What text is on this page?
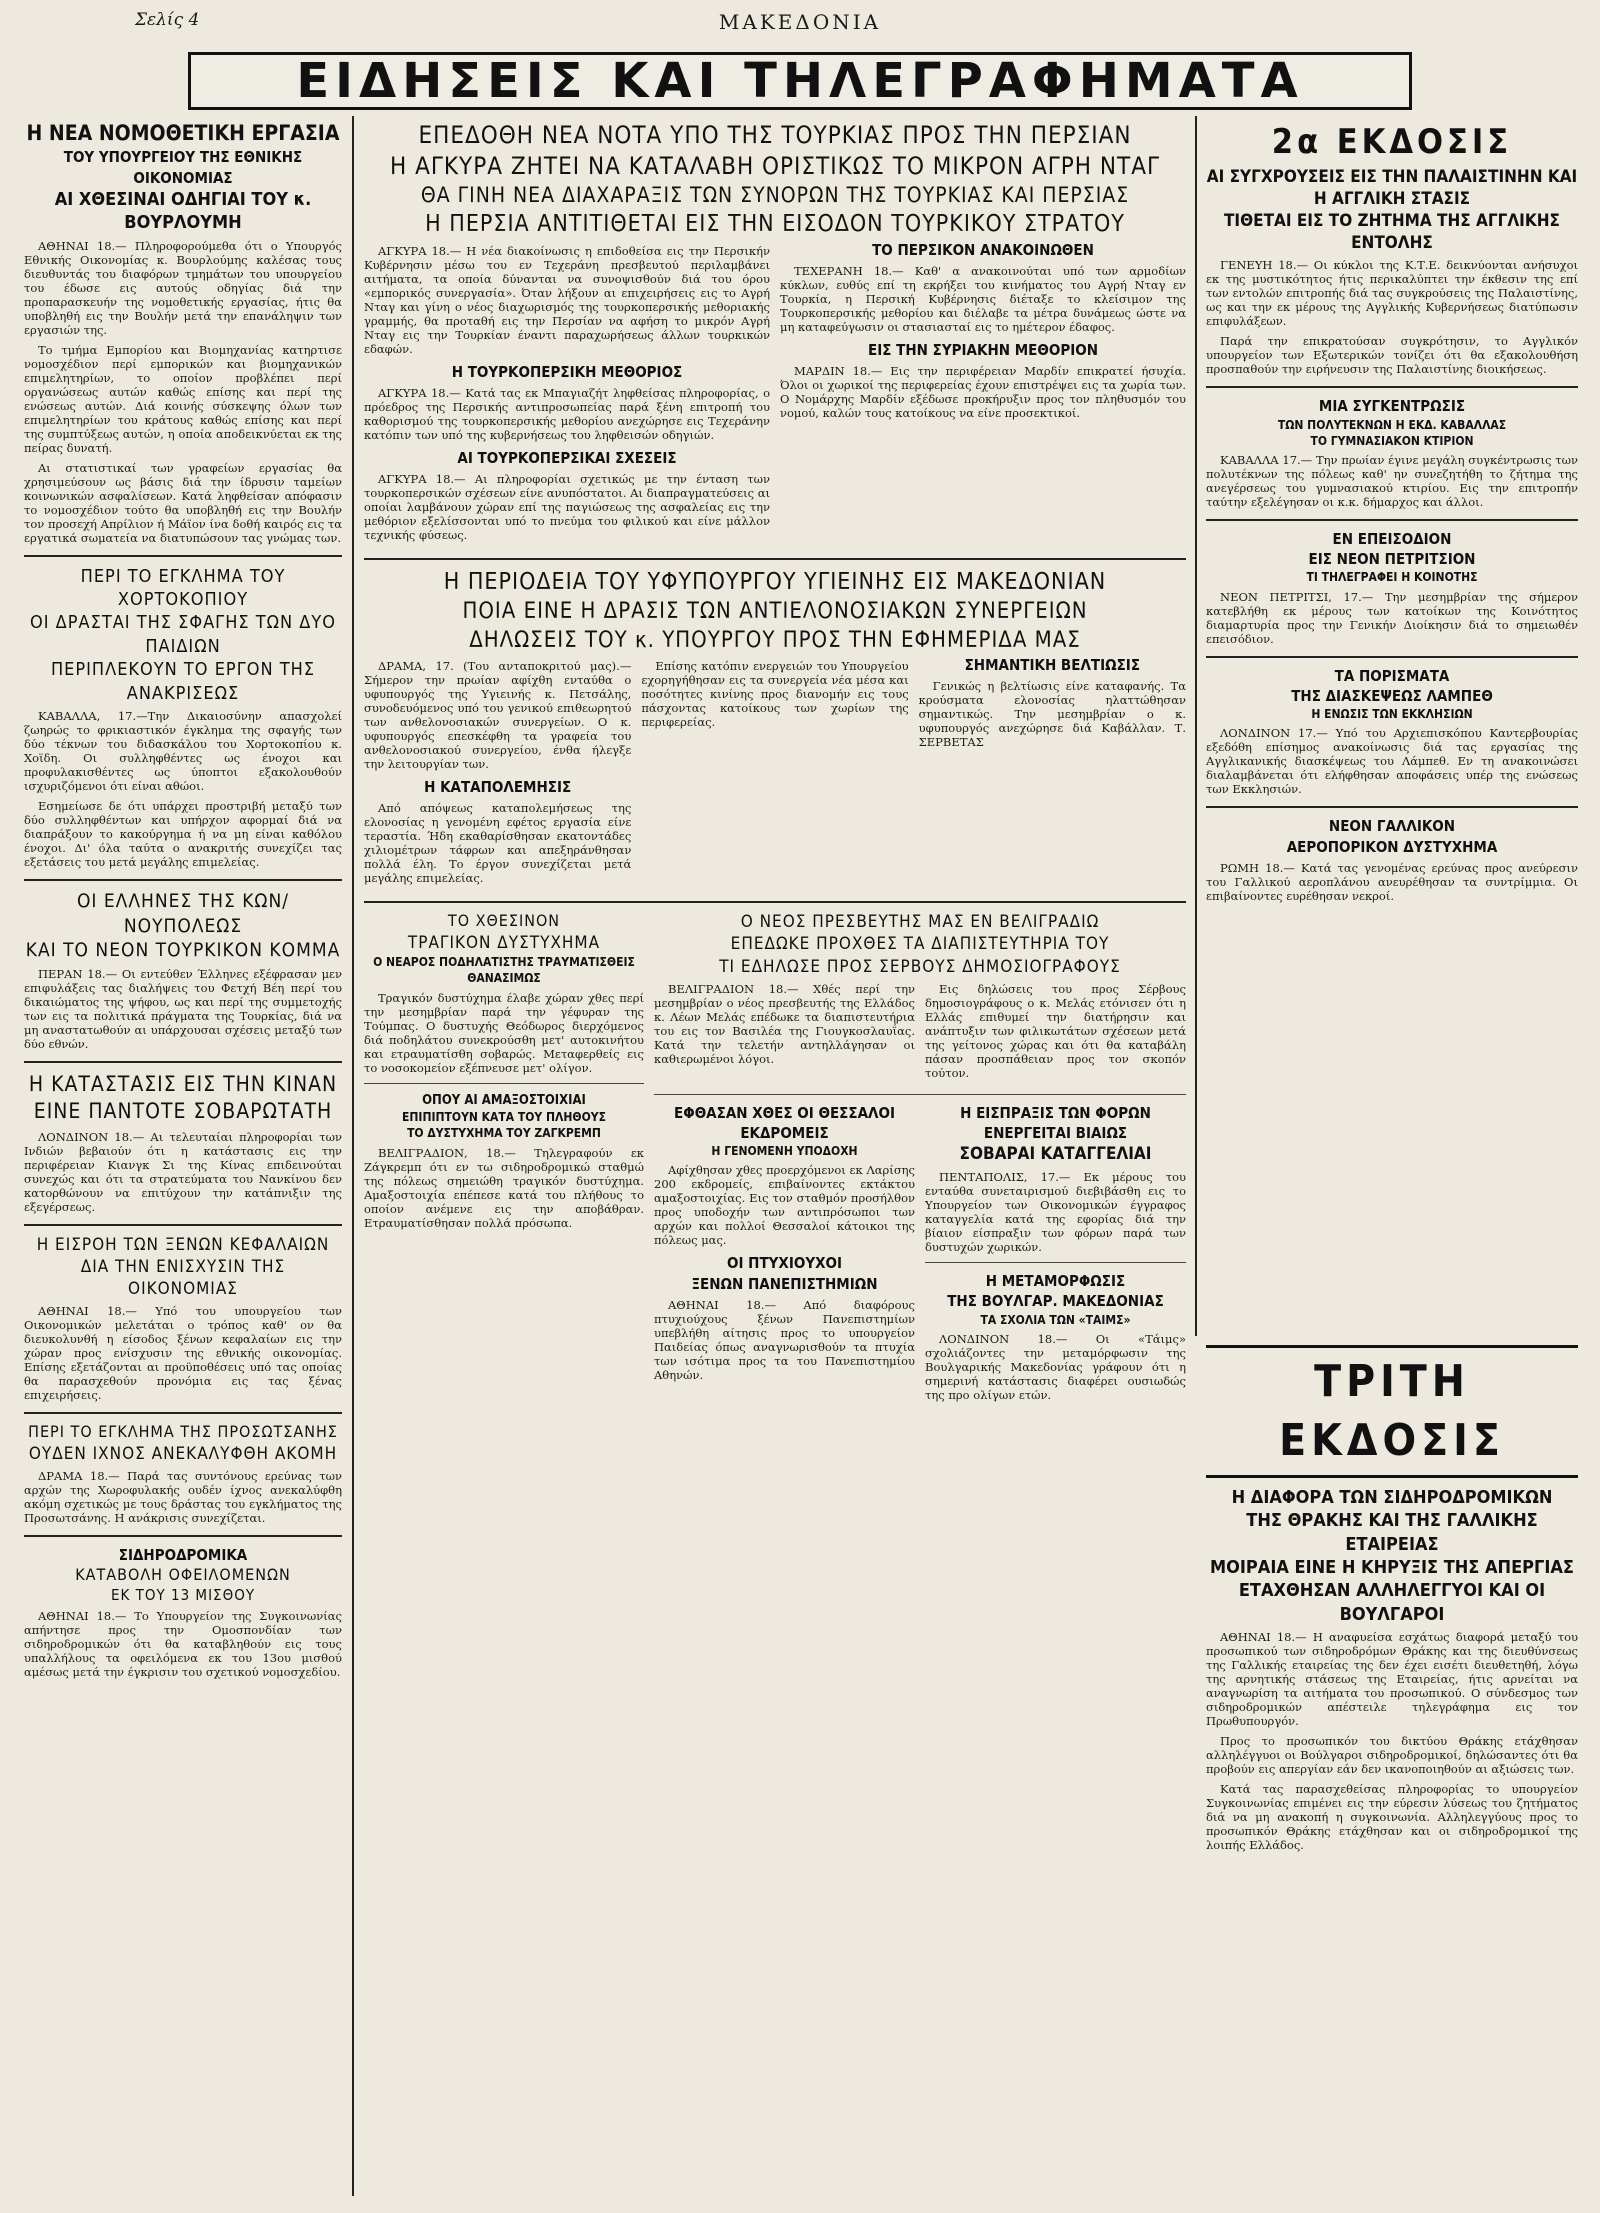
Σελίς 4	ΜΑΚΕΔΟΝΙΑ
ΕΙΔΗΣΕΙΣ ΚΑΙ ΤΗΛΕΓΡΑΦΗΜΑΤΑ
Η ΝΕΑ ΝΟΜΟΘΕΤΙΚΗ ΕΡΓΑΣΙΑ
ΤΟΥ ΥΠΟΥΡΓΕΙΟΥ ΤΗΣ ΕΘΝΙΚΗΣ ΟΙΚΟΝΟΜΙΑΣ
ΑΙ ΧΘΕΣΙΝΑΙ ΟΔΗΓΙΑΙ ΤΟΥ κ. ΒΟΥΡΛΟΥΜΗ

ΑΘΗΝΑΙ 18.— Πληροφορούμεθα ότι ο Υπουργός Εθνικής Οικονομίας κ. Βουρλούμης καλέσας τους διευθυντάς του διαφόρων τμημάτων του υπουργείου του έδωσε εις αυτούς οδηγίας διά την προπαρασκευήν της νομοθετικής εργασίας, ήτις θα υποβληθή εις την Βουλήν μετά την επανάληψιν των εργασιών της.

Το τμήμα Εμπορίου και Βιομηχανίας κατηρτισε νομοσχέδιον περί εμπορικών και βιομηχανικών επιμελητηρίων, το οποίον προβλέπει περί οργανώσεως αυτών καθώς επίσης και περί της ενώσεως αυτών. Διά κοινής σύσκεψης όλων των επιμελητηρίων του κράτους καθώς επίσης και περί της συμπτύξεως αυτών, η οποία αποδεικνύεται εκ της πείρας δυνατή.

Αι στατιστικαί των γραφείων εργασίας θα χρησιμεύσουν ως βάσις διά την ίδρυσιν ταμείων κοινωνικών ασφαλίσεων. Κατά ληφθείσαν απόφασιν το νομοσχέδιον τούτο θα υποβληθή εις την Βουλήν τον προσεχή Απρίλιον ή Μάϊον ίνα δοθή καιρός εις τα εργατικά σωματεία να διατυπώσουν τας γνώμας των.

ΠΕΡΙ ΤΟ ΕΓΚΛΗΜΑ ΤΟΥ ΧΟΡΤΟΚΟΠΙΟΥ
ΟΙ ΔΡΑΣΤΑΙ ΤΗΣ ΣΦΑΓΗΣ ΤΩΝ ΔΥΟ ΠΑΙΔΙΩΝ
ΠΕΡΙΠΛΕΚΟΥΝ ΤΟ ΕΡΓΟΝ ΤΗΣ ΑΝΑΚΡΙΣΕΩΣ

ΚΑΒΑΛΛΑ, 17.—Την Δικαιοσύνην απασχολεί ζωηρώς το φρικιαστικόν έγκλημα της σφαγής των δύο τέκνων του διδασκάλου του Χορτοκοπίου κ. Χοϊδη. Οι συλληφθέντες ως ένοχοι και προφυλακισθέντες ως ύποπτοι εξακολουθούν ισχυριζόμενοι ότι είναι αθώοι.

Εσημείωσε δε ότι υπάρχει προστριβή μεταξύ των δύο συλληφθέντων και υπήρχον αφορμαί διά να διαπράξουν το κακούργημα ή να μη είναι καθόλου ένοχοι. Δι' όλα ταύτα ο ανακριτής συνεχίζει τας εξετάσεις του μετά μεγάλης επιμελείας.

ΟΙ ΕΛΛΗΝΕΣ ΤΗΣ ΚΩΝ/ΝΟΥΠΟΛΕΩΣ
ΚΑΙ ΤΟ ΝΕΟΝ ΤΟΥΡΚΙΚΟΝ ΚΟΜΜΑ

ΠΕΡΑΝ 18.— Οι εντεύθεν Έλληνες εξέφρασαν μεν επιφυλάξεις τας διαλήψεις του Φετχή Βέη περί του δικαιώματος της ψήφου, ως και περί της συμμετοχής των εις τα πολιτικά πράγματα της Τουρκίας, διά να μη αναστατωθούν αι υπάρχουσαι σχέσεις μεταξύ των δύο εθνών.

Η ΚΑΤΑΣΤΑΣΙΣ ΕΙΣ ΤΗΝ ΚΙΝΑΝ
ΕΙΝΕ ΠΑΝΤΟΤΕ ΣΟΒΑΡΩΤΑΤΗ

ΛΟΝΔΙΝΟΝ 18.— Αι τελευταίαι πληροφορίαι των Ινδιών βεβαιούν ότι η κατάστασις εις την περιφέρειαν Κιανγκ Σι της Κίνας επιδεινούται συνεχώς και ότι τα στρατεύματα του Νανκίνου δεν κατορθώνουν να επιτύχουν την κατάπνιξιν της εξεγέρσεως.

Η ΕΙΣΡΟΗ ΤΩΝ ΞΕΝΩΝ ΚΕΦΑΛΑΙΩΝ
ΔΙΑ ΤΗΝ ΕΝΙΣΧΥΣΙΝ ΤΗΣ ΟΙΚΟΝΟΜΙΑΣ

ΑΘΗΝΑΙ 18.— Υπό του υπουργείου των Οικονομικών μελετάται ο τρόπος καθ' ον θα διευκολυνθή η είσοδος ξένων κεφαλαίων εις την χώραν προς ενίσχυσιν της εθνικής οικονομίας. Επίσης εξετάζονται αι προϋποθέσεις υπό τας οποίας θα παρασχεθούν προνόμια εις τας ξένας επιχειρήσεις.

ΠΕΡΙ ΤΟ ΕΓΚΛΗΜΑ ΤΗΣ ΠΡΟΣΩΤΣΑΝΗΣ
ΟΥΔΕΝ ΙΧΝΟΣ ΑΝΕΚΑΛΥΦΘΗ ΑΚΟΜΗ

ΔΡΑΜΑ 18.— Παρά τας συντόνους ερεύνας των αρχών της Χωροφυλακής ουδέν ίχνος ανεκαλύφθη ακόμη σχετικώς με τους δράστας του εγκλήματος της Προσωτσάνης. Η ανάκρισις συνεχίζεται.

ΣΙΔΗΡΟΔΡΟΜΙΚΑ
ΚΑΤΑΒΟΛΗ ΟΦΕΙΛΟΜΕΝΩΝ
ΕΚ ΤΟΥ 13 ΜΙΣΘΟΥ

ΑΘΗΝΑΙ 18.— Το Υπουργείον της Συγκοινωνίας απήντησε προς την Ομοσπονδίαν των σιδηροδρομικών ότι θα καταβληθούν εις τους υπαλλήλους τα οφειλόμενα εκ του 13ου μισθού αμέσως μετά την έγκρισιν του σχετικού νομοσχεδίου.

ΕΠΕΔΟΘΗ ΝΕΑ ΝΟΤΑ ΥΠΟ ΤΗΣ ΤΟΥΡΚΙΑΣ ΠΡΟΣ ΤΗΝ ΠΕΡΣΙΑΝ
Η ΑΓΚΥΡΑ ΖΗΤΕΙ ΝΑ ΚΑΤΑΛΑΒΗ ΟΡΙΣΤΙΚΩΣ ΤΟ ΜΙΚΡΟΝ ΑΓΡΗ ΝΤΑΓ
ΘΑ ΓΙΝΗ ΝΕΑ ΔΙΑΧΑΡΑΞΙΣ ΤΩΝ ΣΥΝΟΡΩΝ ΤΗΣ ΤΟΥΡΚΙΑΣ ΚΑΙ ΠΕΡΣΙΑΣ
Η ΠΕΡΣΙΑ ΑΝΤΙΤΙΘΕΤΑΙ ΕΙΣ ΤΗΝ ΕΙΣΟΔΟΝ ΤΟΥΡΚΙΚΟΥ ΣΤΡΑΤΟΥ

ΑΓΚΥΡΑ 18.— Η νέα διακοίνωσις η επιδοθείσα εις την Περσικήν Κυβέρνησιν μέσω του εν Τεχεράνη πρεσβευτού περιλαμβάνει αιτήματα, τα οποία δύνανται να συνοψισθούν διά του όρου «εμπορικός συνεργασία». Όταν λήξουν αι επιχειρήσεις εις το Αγρή Νταγ και γίνη ο νέος διαχωρισμός της τουρκοπερσικής μεθοριακής γραμμής, θα προταθή εις την Περσίαν να αφήση το μικρόν Αγρή Νταγ εις την Τουρκίαν έναντι παραχωρήσεως άλλων τουρκικών εδαφών.

Η ΤΟΥΡΚΟΠΕΡΣΙΚΗ ΜΕΘΟΡΙΟΣ

ΑΓΚΥΡΑ 18.— Κατά τας εκ Μπαγιαζήτ ληφθείσας πληροφορίας, ο πρόεδρος της Περσικής αντιπροσωπείας παρά ξένη επιτροπή του καθορισμού της τουρκοπερσικής μεθορίου ανεχώρησε εις Τεχεράνην κατόπιν των υπό της κυβερνήσεως του ληφθεισών οδηγιών.

ΑΙ ΤΟΥΡΚΟΠΕΡΣΙΚΑΙ ΣΧΕΣΕΙΣ

ΑΓΚΥΡΑ 18.— Αι πληροφορίαι σχετικώς με την ένταση των τουρκοπερσικών σχέσεων είνε ανυπόστατοι. Αι διαπραγματεύσεις αι οποίαι λαμβάνουν χώραν επί της παγιώσεως της ασφαλείας εις την μεθόριον εξελίσσονται υπό το πνεύμα του φιλικού και είνε μάλλον τεχνικής φύσεως.

ΤΟ ΠΕΡΣΙΚΟΝ ΑΝΑΚΟΙΝΩΘΕΝ

ΤΕΧΕΡΑΝΗ 18.— Καθ' α ανακοινούται υπό των αρμοδίων κύκλων, ευθύς επί τη εκρήξει του κινήματος του Αγρή Νταγ εν Τουρκία, η Περσική Κυβέρνησις διέταξε το κλείσιμον της Τουρκοπερσικής μεθορίου και διέλαβε τα μέτρα δυνάμεως ώστε να μη καταφεύγωσιν οι στασιασταί εις το ημέτερον έδαφος.

ΕΙΣ ΤΗΝ ΣΥΡΙΑΚΗΝ ΜΕΘΟΡΙΟΝ

ΜΑΡΔΙΝ 18.— Εις την περιφέρειαν Μαρδίν επικρατεί ήσυχία. Όλοι οι χωρικοί της περιφερείας έχουν επιστρέψει εις τα χωρία των. Ο Νομάρχης Μαρδίν εξέδωσε προκήρυξιν προς τον πληθυσμόν του νομού, καλών τους κατοίκους να είνε προσεκτικοί.

Η ΠΕΡΙΟΔΕΙΑ ΤΟΥ ΥΦΥΠΟΥΡΓΟΥ ΥΓΙΕΙΝΗΣ ΕΙΣ ΜΑΚΕΔΟΝΙΑΝ
ΠΟΙΑ ΕΙΝΕ Η ΔΡΑΣΙΣ ΤΩΝ ΑΝΤΙΕΛΟΝΟΣΙΑΚΩΝ ΣΥΝΕΡΓΕΙΩΝ
ΔΗΛΩΣΕΙΣ ΤΟΥ κ. ΥΠΟΥΡΓΟΥ ΠΡΟΣ ΤΗΝ ΕΦΗΜΕΡΙΔΑ ΜΑΣ

ΔΡΑΜΑ, 17. (Του ανταποκριτού μας).— Σήμερον την πρωίαν αφίχθη ενταύθα ο υφυπουργός της Υγιεινής κ. Πετσάλης, συνοδευόμενος υπό του γενικού επιθεωρητού των ανθελονοσιακών συνεργείων. Ο κ. υφυπουργός επεσκέφθη τα γραφεία του ανθελονοσιακού συνεργείου, ένθα ήλεγξε την λειτουργίαν των.

Η ΚΑΤΑΠΟΛΕΜΗΣΙΣ

Από απόψεως καταπολεμήσεως της ελονοσίας η γενομένη εφέτος εργασία είνε τεραστία. Ήδη εκαθαρίσθησαν εκατοντάδες χιλιομέτρων τάφρων και απεξηράνθησαν πολλά έλη. Το έργον συνεχίζεται μετά μεγάλης επιμελείας.

Επίσης κατόπιν ενεργειών του Υπουργείου εχορηγήθησαν εις τα συνεργεία νέα μέσα και ποσότητες κινίνης προς διανομήν εις τους πάσχοντας κατοίκους των χωρίων της περιφερείας.

ΣΗΜΑΝΤΙΚΗ ΒΕΛΤΙΩΣΙΣ

Γενικώς η βελτίωσις είνε καταφανής. Τα κρούσματα ελονοσίας ηλαττώθησαν σημαντικώς. Την μεσημβρίαν ο κ. υφυπουργός ανεχώρησε διά Καβάλλαν. Τ. ΣΕΡΒΕΤΑΣ

ΤΟ ΧΘΕΣΙΝΟΝ
ΤΡΑΓΙΚΟΝ ΔΥΣΤΥΧΗΜΑ
Ο ΝΕΑΡΟΣ ΠΟΔΗΛΑΤΙΣΤΗΣ ΤΡΑΥΜΑΤΙΣΘΕΙΣ ΘΑΝΑΣΙΜΩΣ

Τραγικόν δυστύχημα έλαβε χώραν χθες περί την μεσημβρίαν παρά την γέφυραν της Τούμπας. Ο δυστυχής Θεόδωρος διερχόμενος διά ποδηλάτου συνεκρούσθη μετ' αυτοκινήτου και ετραυματίσθη σοβαρώς. Μεταφερθείς εις το νοσοκομείον εξέπνευσε μετ' ολίγον.

ΟΠΟΥ ΑΙ ΑΜΑΞΟΣΤΟΙΧΙΑΙ
ΕΠΙΠΙΠΤΟΥΝ ΚΑΤΑ ΤΟΥ ΠΛΗΘΟΥΣ
ΤΟ ΔΥΣΤΥΧΗΜΑ ΤΟΥ ΖΑΓΚΡΕΜΠ

ΒΕΛΙΓΡΑΔΙΟΝ, 18.— Τηλεγραφούν εκ Ζάγκρεμπ ότι εν τω σιδηροδρομικώ σταθμώ της πόλεως σημειώθη τραγικόν δυστύχημα. Αμαξοστοιχία επέπεσε κατά του πλήθους το οποίον ανέμενε εις την αποβάθραν. Ετραυματίσθησαν πολλά πρόσωπα.

Ο ΝΕΟΣ ΠΡΕΣΒΕΥΤΗΣ ΜΑΣ ΕΝ ΒΕΛΙΓΡΑΔΙΩ
ΕΠΕΔΩΚΕ ΠΡΟΧΘΕΣ ΤΑ ΔΙΑΠΙΣΤΕΥΤΗΡΙΑ ΤΟΥ
ΤΙ ΕΔΗΛΩΣΕ ΠΡΟΣ ΣΕΡΒΟΥΣ ΔΗΜΟΣΙΟΓΡΑΦΟΥΣ

ΒΕΛΙΓΡΑΔΙΟΝ 18.— Χθές περί την μεσημβρίαν ο νέος πρεσβευτής της Ελλάδος κ. Λέων Μελάς επέδωκε τα διαπιστευτήρια του εις τον Βασιλέα της Γιουγκοσλαυΐας. Κατά την τελετήν αντηλλάγησαν οι καθιερωμένοι λόγοι.

Εις δηλώσεις του προς Σέρβους δημοσιογράφους ο κ. Μελάς ετόνισεν ότι η Ελλάς επιθυμεί την διατήρησιν και ανάπτυξιν των φιλικωτάτων σχέσεων μετά της γείτονος χώρας και ότι θα καταβάλη πάσαν προσπάθειαν προς τον σκοπόν τούτον.

ΕΦΘΑΣΑΝ ΧΘΕΣ ΟΙ ΘΕΣΣΑΛΟΙ ΕΚΔΡΟΜΕΙΣ
Η ΓΕΝΟΜΕΝΗ ΥΠΟΔΟΧΗ

Αφίχθησαν χθες προερχόμενοι εκ Λαρίσης 200 εκδρομείς, επιβαίνοντες εκτάκτου αμαξοστοιχίας. Εις τον σταθμόν προσήλθον προς υποδοχήν των αντιπρόσωποι των αρχών και πολλοί Θεσσαλοί κάτοικοι της πόλεως μας.

ΟΙ ΠΤΥΧΙΟΥΧΟΙ
ΞΕΝΩΝ ΠΑΝΕΠΙΣΤΗΜΙΩΝ

ΑΘΗΝΑΙ 18.— Από διαφόρους πτυχιούχους ξένων Πανεπιστημίων υπεβλήθη αίτησις προς το υπουργείον Παιδείας όπως αναγνωρισθούν τα πτυχία των ισότιμα προς τα του Πανεπιστημίου Αθηνών.

Η ΕΙΣΠΡΑΞΙΣ ΤΩΝ ΦΟΡΩΝ
ΕΝΕΡΓΕΙΤΑΙ ΒΙΑΙΩΣ
ΣΟΒΑΡΑΙ ΚΑΤΑΓΓΕΛΙΑΙ

ΠΕΝΤΑΠΟΛΙΣ, 17.— Εκ μέρους του ενταύθα συνεταιρισμού διεβιβάσθη εις το Υπουργείον των Οικονομικών έγγραφος καταγγελία κατά της εφορίας διά την βίαιον είσπραξιν των φόρων παρά των δυστυχών χωρικών.

Η ΜΕΤΑΜΟΡΦΩΣΙΣ
ΤΗΣ ΒΟΥΛΓΑΡ. ΜΑΚΕΔΟΝΙΑΣ
ΤΑ ΣΧΟΛΙΑ ΤΩΝ «ΤΑΙΜΣ»

ΛΟΝΔΙΝΟΝ 18.— Οι «Τάιμς» σχολιάζοντες την μεταμόρφωσιν της Βουλγαρικής Μακεδονίας γράφουν ότι η σημερινή κατάστασις διαφέρει ουσιωδώς της προ ολίγων ετών.

2α ΕΚΔΟΣΙΣ
ΑΙ ΣΥΓΧΡΟΥΣΕΙΣ ΕΙΣ ΤΗΝ ΠΑΛΑΙΣΤΙΝΗΝ ΚΑΙ Η ΑΓΓΛΙΚΗ ΣΤΑΣΙΣ
ΤΙΘΕΤΑΙ ΕΙΣ ΤΟ ΖΗΤΗΜΑ ΤΗΣ ΑΓΓΛΙΚΗΣ ΕΝΤΟΛΗΣ

ΓΕΝΕΥΗ 18.— Οι κύκλοι της Κ.Τ.Ε. δεικνύονται ανήσυχοι εκ της μυστικότητος ήτις περικαλύπτει την έκθεσιν της επί των εντολών επιτροπής διά τας συγκρούσεις της Παλαιστίνης, ως και την εκ μέρους της Αγγλικής Κυβερνήσεως διατύπωσιν επιφυλάξεων.

Παρά την επικρατούσαν συγκρότησιν, το Αγγλικόν υπουργείον των Εξωτερικών τονίζει ότι θα εξακολουθήση προσπαθούν την ειρήνευσιν της Παλαιστίνης διοικήσεως.

ΜΙΑ ΣΥΓΚΕΝΤΡΩΣΙΣ
ΤΩΝ ΠΟΛΥΤΕΚΝΩΝ Η ΕΚΔ. ΚΑΒΑΛΛΑΣ
ΤΟ ΓΥΜΝΑΣΙΑΚΟΝ ΚΤΙΡΙΟΝ

ΚΑΒΑΛΛΑ 17.— Την πρωίαν έγινε μεγάλη συγκέντρωσις των πολυτέκνων της πόλεως καθ' ην συνεζητήθη το ζήτημα της ανεγέρσεως του γυμνασιακού κτιρίου. Εις την επιτροπήν ταύτην εξελέγησαν οι κ.κ. δήμαρχος και άλλοι.

ΕΝ ΕΠΕΙΣΟΔΙΟΝ
ΕΙΣ ΝΕΟΝ ΠΕΤΡΙΤΣΙΟΝ
ΤΙ ΤΗΛΕΓΡΑΦΕΙ Η ΚΟΙΝΟΤΗΣ

ΝΕΟΝ ΠΕΤΡΙΤΣΙ, 17.— Την μεσημβρίαν της σήμερον κατεβλήθη εκ μέρους των κατοίκων της Κοινότητος διαμαρτυρία προς την Γενικήν Διοίκησιν διά το σημειωθέν επεισόδιον.

ΤΑ ΠΟΡΙΣΜΑΤΑ
ΤΗΣ ΔΙΑΣΚΕΨΕΩΣ ΛΑΜΠΕΘ
Η ΕΝΩΣΙΣ ΤΩΝ ΕΚΚΛΗΣΙΩΝ

ΛΟΝΔΙΝΟΝ 17.— Υπό του Αρχιεπισκόπου Καντερβουρίας εξεδόθη επίσημος ανακοίνωσις διά τας εργασίας της Αγγλικανικής διασκέψεως του Λάμπεθ. Εν τη ανακοινώσει διαλαμβάνεται ότι ελήφθησαν αποφάσεις υπέρ της ενώσεως των Εκκλησιών.

ΝΕΟΝ ΓΑΛΛΙΚΟΝ
ΑΕΡΟΠΟΡΙΚΟΝ ΔΥΣΤΥΧΗΜΑ

ΡΩΜΗ 18.— Κατά τας γενομένας ερεύνας προς ανεύρεσιν του Γαλλικού αεροπλάνου ανευρέθησαν τα συντρίμμια. Οι επιβαίνοντες ευρέθησαν νεκροί.

ΤΡΙΤΗ ΕΚΔΟΣΙΣ
Η ΔΙΑΦΟΡΑ ΤΩΝ ΣΙΔΗΡΟΔΡΟΜΙΚΩΝ
ΤΗΣ ΘΡΑΚΗΣ ΚΑΙ ΤΗΣ ΓΑΛΛΙΚΗΣ ΕΤΑΙΡΕΙΑΣ
ΜΟΙΡΑΙΑ ΕΙΝΕ Η ΚΗΡΥΞΙΣ ΤΗΣ ΑΠΕΡΓΙΑΣ
ΕΤΑΧΘΗΣΑΝ ΑΛΛΗΛΕΓΓΥΟΙ ΚΑΙ ΟΙ ΒΟΥΛΓΑΡΟΙ

ΑΘΗΝΑΙ 18.— Η αναφυείσα εσχάτως διαφορά μεταξύ του προσωπικού των σιδηροδρόμων Θράκης και της διευθύνσεως της Γαλλικής εταιρείας της δεν έχει εισέτι διευθετηθή, λόγω της αρνητικής στάσεως της Εταιρείας, ήτις αρνείται να αναγνωρίση τα αιτήματα του προσωπικού. Ο σύνδεσμος των σιδηροδρομικών απέστειλε τηλεγράφημα εις τον Πρωθυπουργόν.

Προς το προσωπικόν του δικτύου Θράκης ετάχθησαν αλληλέγγυοι οι Βούλγαροι σιδηροδρομικοί, δηλώσαντες ότι θα προβούν εις απεργίαν εάν δεν ικανοποιηθούν αι αξιώσεις των.

Κατά τας παρασχεθείσας πληροφορίας το υπουργείον Συγκοινωνίας επιμένει εις την εύρεσιν λύσεως του ζητήματος διά να μη ανακοπή η συγκοινωνία. Αλληλεγγύους προς το προσωπικόν Θράκης ετάχθησαν και οι σιδηροδρομικοί της λοιπής Ελλάδος.
